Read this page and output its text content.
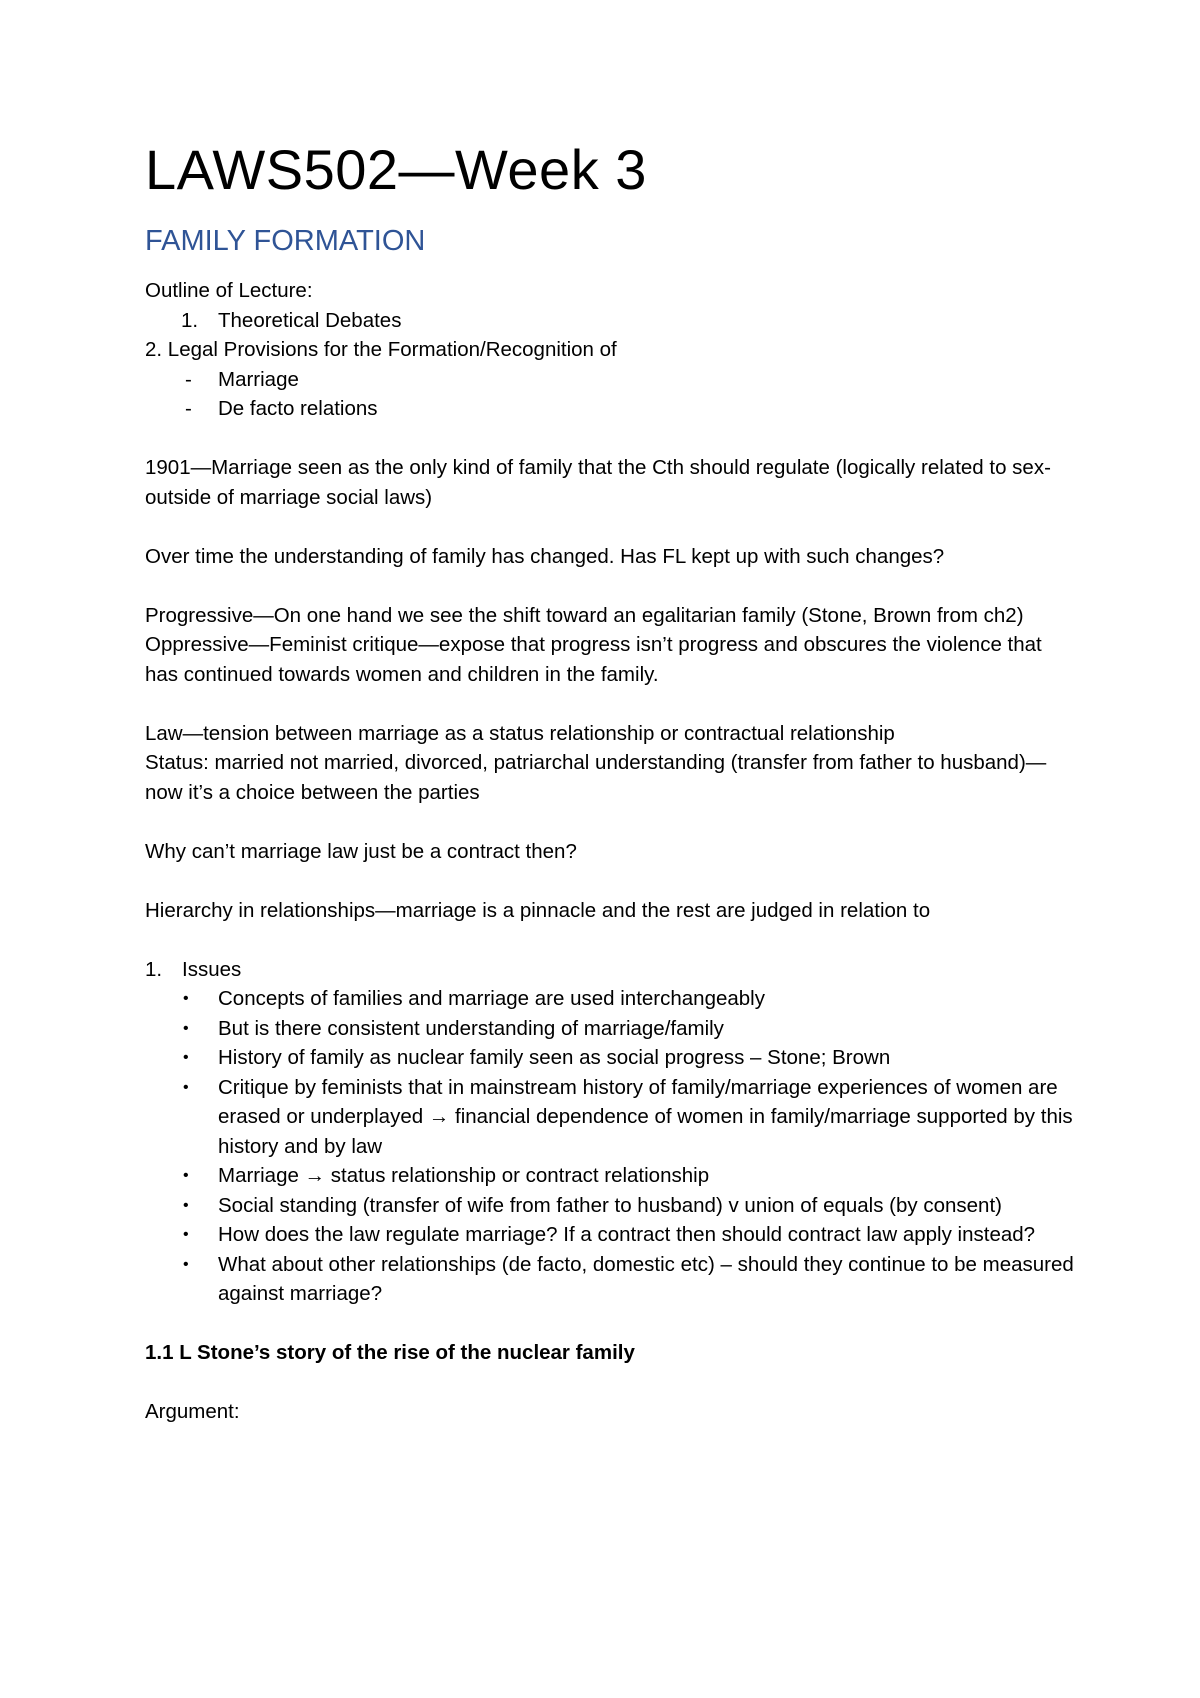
LAWS502—Week 3
FAMILY FORMATION

Outline of Lecture:

1. Theoretical Debates

2. Legal Provisions for the Formation/Recognition of

- Marriage
- De facto relations

1901—Marriage seen as the only kind of family that the Cth should regulate (logically related to sex-outside of marriage social laws)

Over time the understanding of family has changed. Has FL kept up with such changes?

Progressive—On one hand we see the shift toward an egalitarian family (Stone, Brown from ch2)

Oppressive—Feminist critique—expose that progress isn’t progress and obscures the violence that has continued towards women and children in the family.

Law—tension between marriage as a status relationship or contractual relationship

Status: married not married, divorced, patriarchal understanding (transfer from father to husband)—now it’s a choice between the parties

Why can’t marriage law just be a contract then?

Hierarchy in relationships—marriage is a pinnacle and the rest are judged in relation to

1. Issues
• Concepts of families and marriage are used interchangeably
• But is there consistent understanding of marriage/family
• History of family as nuclear family seen as social progress – Stone; Brown
• Critique by feminists that in mainstream history of family/marriage experiences of women are erased or underplayed → financial dependence of women in family/marriage supported by this history and by law
• Marriage → status relationship or contract relationship
• Social standing (transfer of wife from father to husband) v union of equals (by consent)
• How does the law regulate marriage? If a contract then should contract law apply instead?
• What about other relationships (de facto, domestic etc) – should they continue to be measured against marriage?

1.1 L Stone’s story of the rise of the nuclear family

Argument:
